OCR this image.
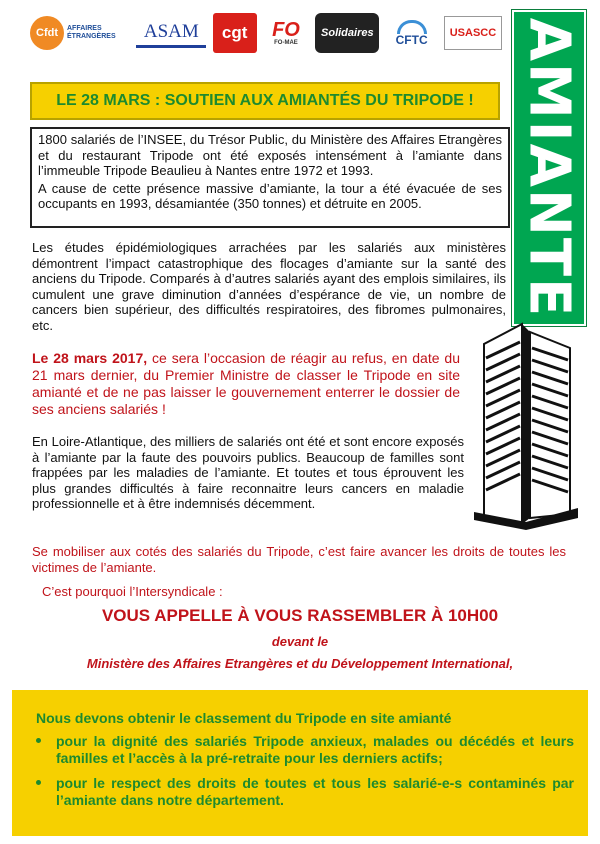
Cfdt	AFFAIRES ÉTRANGÈRES	ASAM	cgt	FO
FO-MAE
Solidaires	CFTC	USASCC AMIANTE
LE 28 MARS : SOUTIEN AUX AMIANTÉS DU TRIPODE !

1800 salariés de l’INSEE, du Trésor Public, du Ministère des Affaires Etrangères et du restaurant Tripode ont été exposés intensément à l’amiante dans l’immeuble Tripode Beaulieu à Nantes entre 1972 et 1993.

A cause de cette présence massive d’amiante, la tour a été évacuée de ses occupants en 1993, désamiantée (350 tonnes) et détruite en 2005.

Les études épidémiologiques arrachées par les salariés aux ministères démontrent l’impact catastrophique des flocages d’amiante sur la santé des anciens du Tripode. Comparés à d’autres salariés ayant des emplois similaires, ils cumulent une grave diminution d’années d’espérance de vie, un nombre de cancers bien supérieur, des difficultés respiratoires, des fibromes pulmonaires, etc.

Le 28 mars 2017, ce sera l’occasion de réagir au refus, en date du 21 mars dernier, du Premier Ministre de classer le Tripode en site amianté et de ne pas laisser le gouvernement enterrer le dossier de ses anciens salariés !

En Loire-Atlantique, des milliers de salariés ont été et sont encore exposés à l’amiante par la faute des pouvoirs publics. Beaucoup de familles sont frappées par les maladies de l’amiante. Et toutes et tous éprouvent les plus grandes difficultés à faire reconnaitre leurs cancers en maladie professionnelle et à être indemnisés décemment.

Se mobiliser aux cotés des salariés du Tripode, c’est faire avancer les droits de toutes les victimes de l’amiante.

C’est pourquoi l’Intersyndicale :

VOUS APPELLE À VOUS RASSEMBLER À 10H00

devant le

Ministère des Affaires Etrangères et du Développement International,

Nous devons obtenir le classement du Tripode en site amianté

pour la dignité des salariés Tripode anxieux, malades ou décédés et leurs familles et l’accès à la pré-retraite pour les derniers actifs;
pour le respect des droits de toutes et tous les salarié-e-s contaminés par l’amiante dans notre département.
